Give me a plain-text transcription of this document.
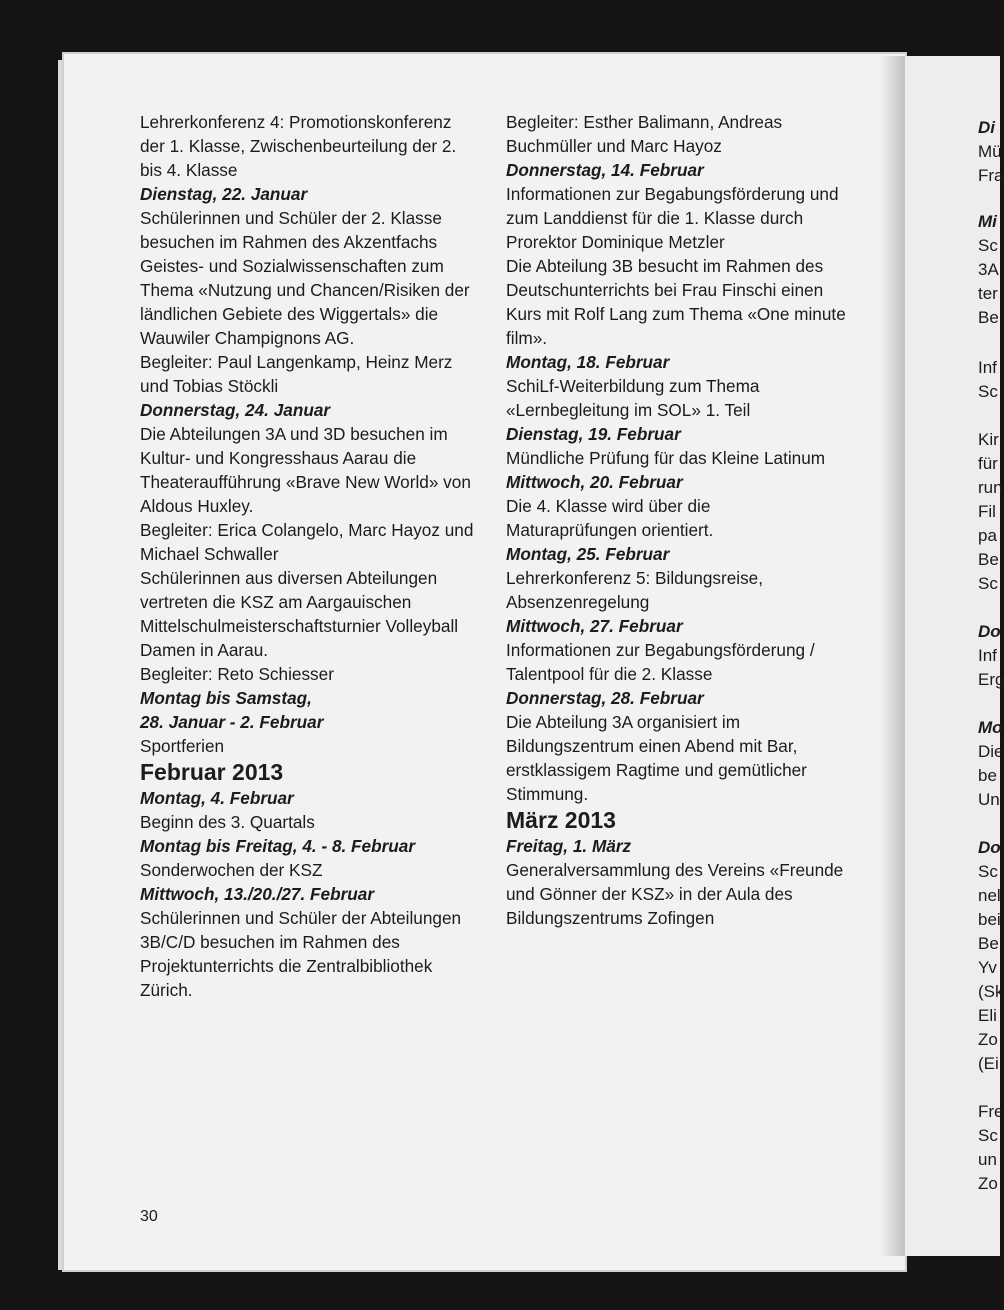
Lehrerkonferenz 4: Promotionskonferenz der 1. Klasse, Zwischenbeurteilung der 2. bis 4. Klasse

Dienstag, 22. Januar

Schülerinnen und Schüler der 2. Klasse besuchen im Rahmen des Akzentfachs Geistes- und Sozialwissenschaften zum Thema «Nutzung und Chancen/Risiken der ländlichen Gebiete des Wiggertals» die Wauwiler Champignons AG.

Begleiter: Paul Langenkamp, Heinz Merz und Tobias Stöckli

Donnerstag, 24. Januar

Die Abteilungen 3A und 3D besuchen im Kultur- und Kongresshaus Aarau die Theateraufführung «Brave New World» von Aldous Huxley.

Begleiter: Erica Colangelo, Marc Hayoz und Michael Schwaller

Schülerinnen aus diversen Abteilungen vertreten die KSZ am Aargauischen Mittelschulmeisterschaftsturnier Volleyball Damen in Aarau.

Begleiter: Reto Schiesser

Montag bis Samstag,

28. Januar - 2. Februar

Sportferien

Februar 2013

Montag, 4. Februar

Beginn des 3. Quartals

Montag bis Freitag, 4. - 8. Februar

Sonderwochen der KSZ

Mittwoch, 13./20./27. Februar

Schülerinnen und Schüler der Abteilungen 3B/C/D besuchen im Rahmen des Projektunterrichts die Zentralbibliothek Zürich.

Begleiter: Esther Balimann, Andreas Buchmüller und Marc Hayoz

Donnerstag, 14. Februar

Informationen zur Begabungsförderung und zum Landdienst für die 1. Klasse durch Prorektor Dominique Metzler

Die Abteilung 3B besucht im Rahmen des Deutschunterrichts bei Frau Finschi einen Kurs mit Rolf Lang zum Thema «One minute film».

Montag, 18. Februar

SchiLf-Weiterbildung zum Thema «Lernbegleitung im SOL» 1. Teil

Dienstag, 19. Februar

Mündliche Prüfung für das Kleine Latinum

Mittwoch, 20. Februar

Die 4. Klasse wird über die Maturaprüfungen orientiert.

Montag, 25. Februar

Lehrerkonferenz 5: Bildungsreise, Absenzenregelung

Mittwoch, 27. Februar

Informationen zur Begabungsförderung / Talentpool für die 2. Klasse

Donnerstag, 28. Februar

Die Abteilung 3A organisiert im Bildungszentrum einen Abend mit Bar, erstklassigem Ragtime und gemütlicher Stimmung.

März 2013

Freitag, 1. März

Generalversammlung des Vereins «Freunde und Gönner der KSZ» in der Aula des Bildungszentrums Zofingen

30
Di
Mü
Fra
Mi
Sc
3A
ter
Be
Inf
Sc
Kir
für
run
Fil
pa
Be
Sc
Do
Inf
Erg
Mo
Die
be
Un
Do
Sc
nel
bei
Be
Yv
(Sk
Eli
Zo
(Ei
Fre
Sc
un
Zo
